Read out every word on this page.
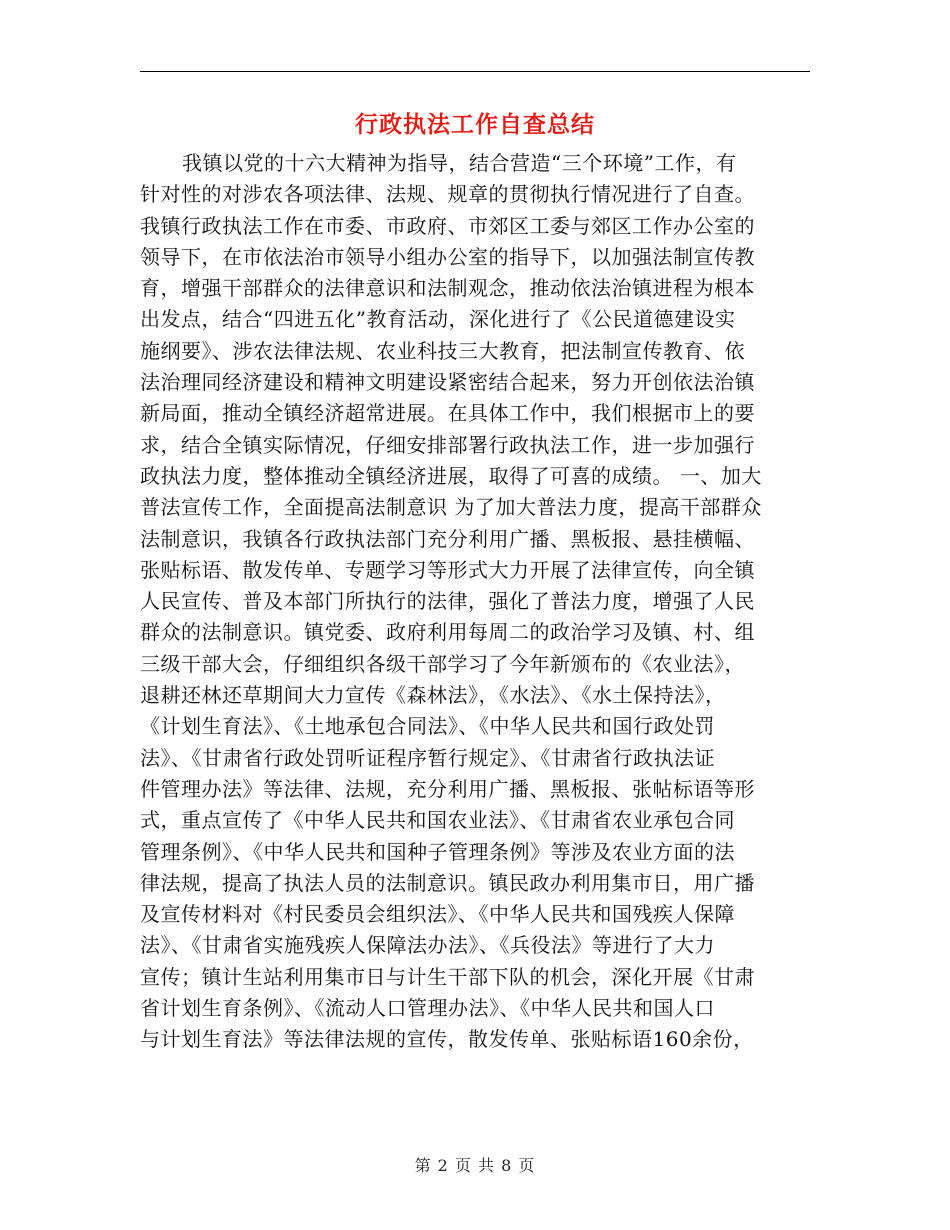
行政执法工作自查总结
我镇以党的十六大精神为指导，结合营造“三个环境”工作，有
针对性的对涉农各项法律、法规、规章的贯彻执行情况进行了自查。
我镇行政执法工作在市委、市政府、市郊区工委与郊区工作办公室的
领导下，在市依法治市领导小组办公室的指导下，以加强法制宣传教
育，增强干部群众的法律意识和法制观念，推动依法治镇进程为根本
出发点，结合“四进五化”教育活动，深化进行了《公民道德建设实
施纲要》、涉农法律法规、农业科技三大教育，把法制宣传教育、依
法治理同经济建设和精神文明建设紧密结合起来，努力开创依法治镇
新局面，推动全镇经济超常进展。在具体工作中，我们根据市上的要
求，结合全镇实际情况，仔细安排部署行政执法工作，进一步加强行
政执法力度，整体推动全镇经济进展，取得了可喜的成绩。 一、加大
普法宣传工作，全面提高法制意识 为了加大普法力度，提高干部群众
法制意识，我镇各行政执法部门充分利用广播、黑板报、悬挂横幅、
张贴标语、散发传单、专题学习等形式大力开展了法律宣传，向全镇
人民宣传、普及本部门所执行的法律，强化了普法力度，增强了人民
群众的法制意识。镇党委、政府利用每周二的政治学习及镇、村、组
三级干部大会，仔细组织各级干部学习了今年新颁布的《农业法》，
退耕还林还草期间大力宣传《森林法》，《水法》、《水土保持法》，
《计划生育法》、《土地承包合同法》、《中华人民共和国行政处罚
法》、《甘肃省行政处罚听证程序暂行规定》、《甘肃省行政执法证
件管理办法》等法律、法规，充分利用广播、黑板报、张帖标语等形
式，重点宣传了《中华人民共和国农业法》、《甘肃省农业承包合同
管理条例》、《中华人民共和国种子管理条例》等涉及农业方面的法
律法规，提高了执法人员的法制意识。镇民政办利用集市日，用广播
及宣传材料对《村民委员会组织法》、《中华人民共和国残疾人保障
法》、《甘肃省实施残疾人保障法办法》、《兵役法》等进行了大力
宣传；镇计生站利用集市日与计生干部下队的机会，深化开展《甘肃
省计划生育条例》、《流动人口管理办法》、《中华人民共和国人口
与计划生育法》等法律法规的宣传，散发传单、张贴标语160余份，
第 2 页 共 8 页
